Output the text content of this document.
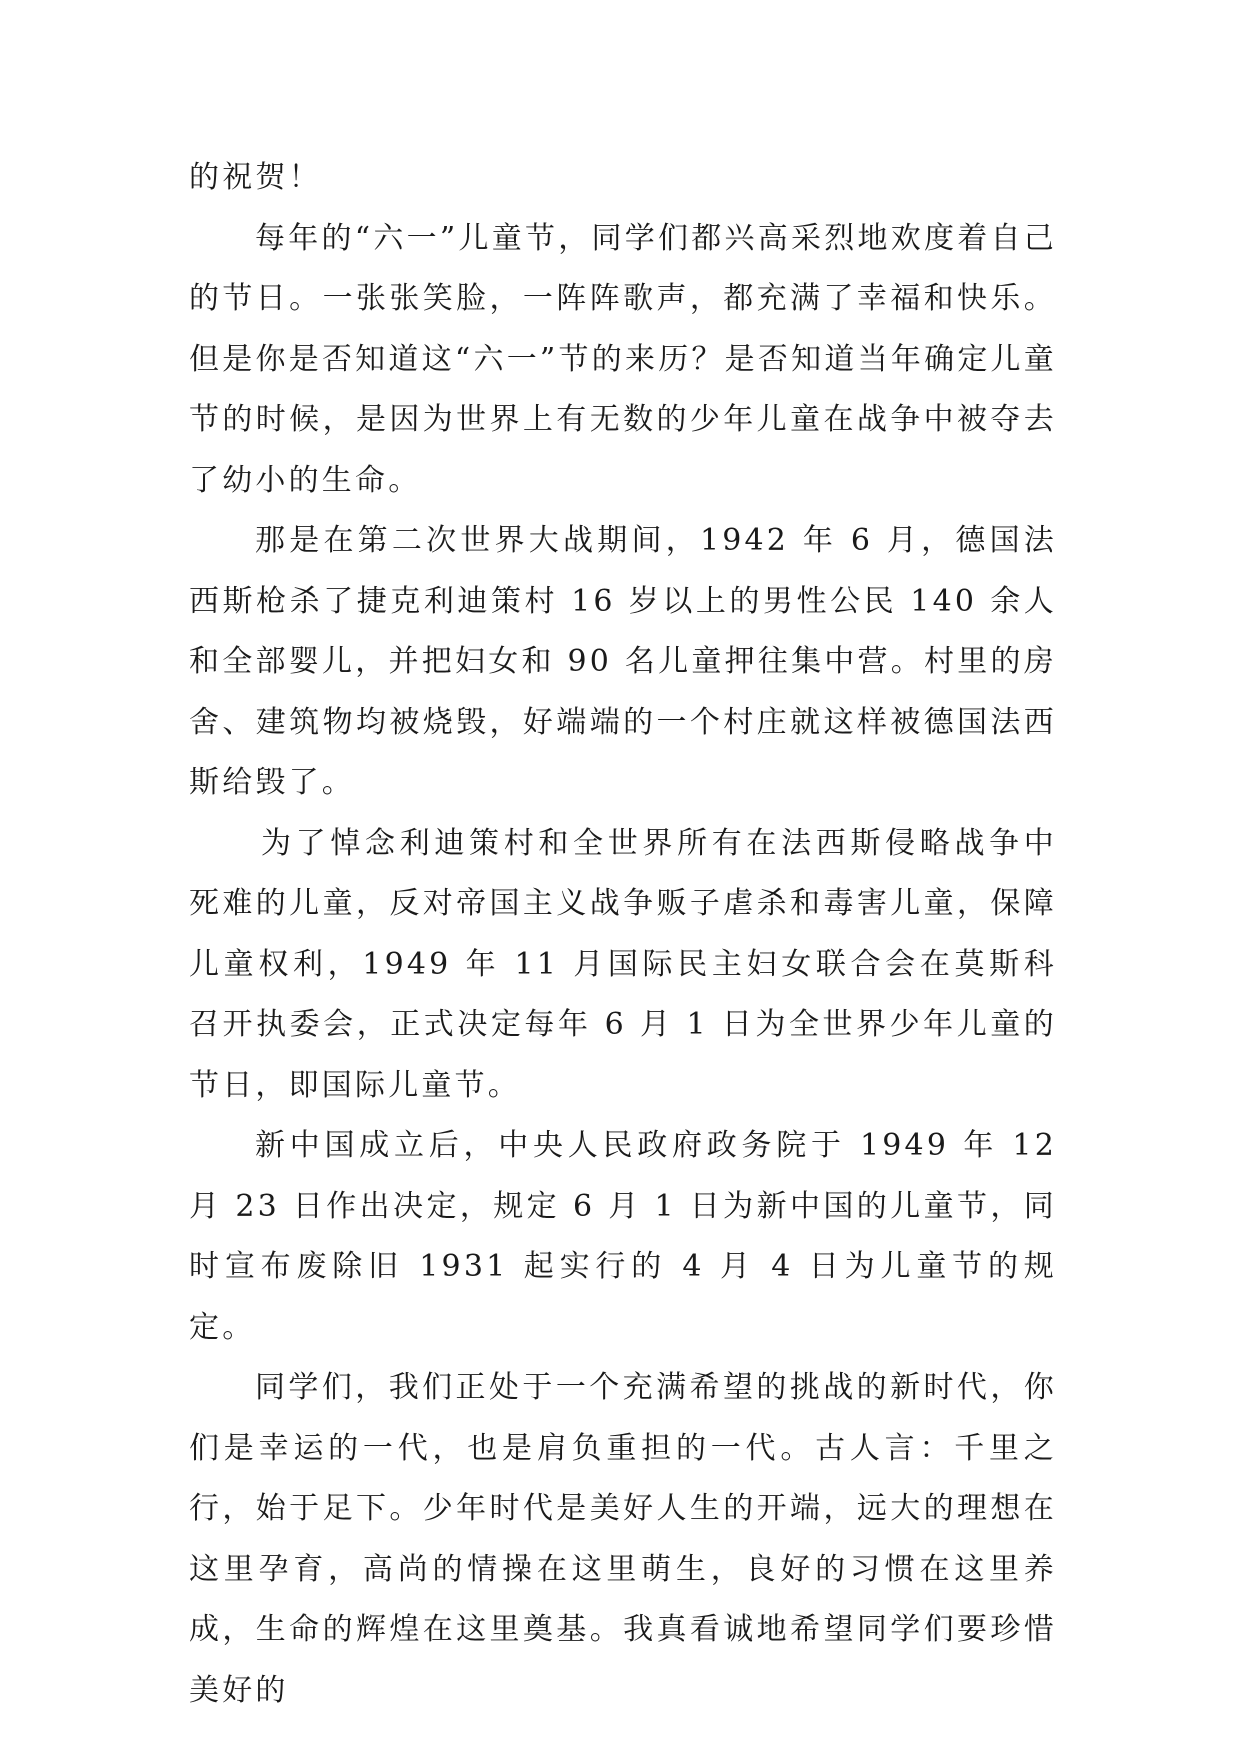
的祝贺！

每年的“六一”儿童节，同学们都兴高采烈地欢度着自己的节日。一张张笑脸，一阵阵歌声，都充满了幸福和快乐。但是你是否知道这“六一”节的来历？是否知道当年确定儿童节的时候，是因为世界上有无数的少年儿童在战争中被夺去了幼小的生命。

那是在第二次世界大战期间，1942 年 6 月，德国法西斯枪杀了捷克利迪策村 16 岁以上的男性公民 140 余人和全部婴儿，并把妇女和 90 名儿童押往集中营。村里的房舍、建筑物均被烧毁，好端端的一个村庄就这样被德国法西斯给毁了。

为了悼念利迪策村和全世界所有在法西斯侵略战争中死难的儿童，反对帝国主义战争贩子虐杀和毒害儿童，保障儿童权利，1949 年 11 月国际民主妇女联合会在莫斯科召开执委会，正式决定每年 6 月 1 日为全世界少年儿童的节日，即国际儿童节。

新中国成立后，中央人民政府政务院于 1949 年 12 月 23 日作出决定，规定 6 月 1 日为新中国的儿童节，同时宣布废除旧 1931 起实行的 4 月 4 日为儿童节的规定。

同学们，我们正处于一个充满希望的挑战的新时代，你们是幸运的一代，也是肩负重担的一代。古人言：千里之行，始于足下。少年时代是美好人生的开端，远大的理想在这里孕育，高尚的情操在这里萌生，良好的习惯在这里养成，生命的辉煌在这里奠基。我真看诚地希望同学们要珍惜美好的
